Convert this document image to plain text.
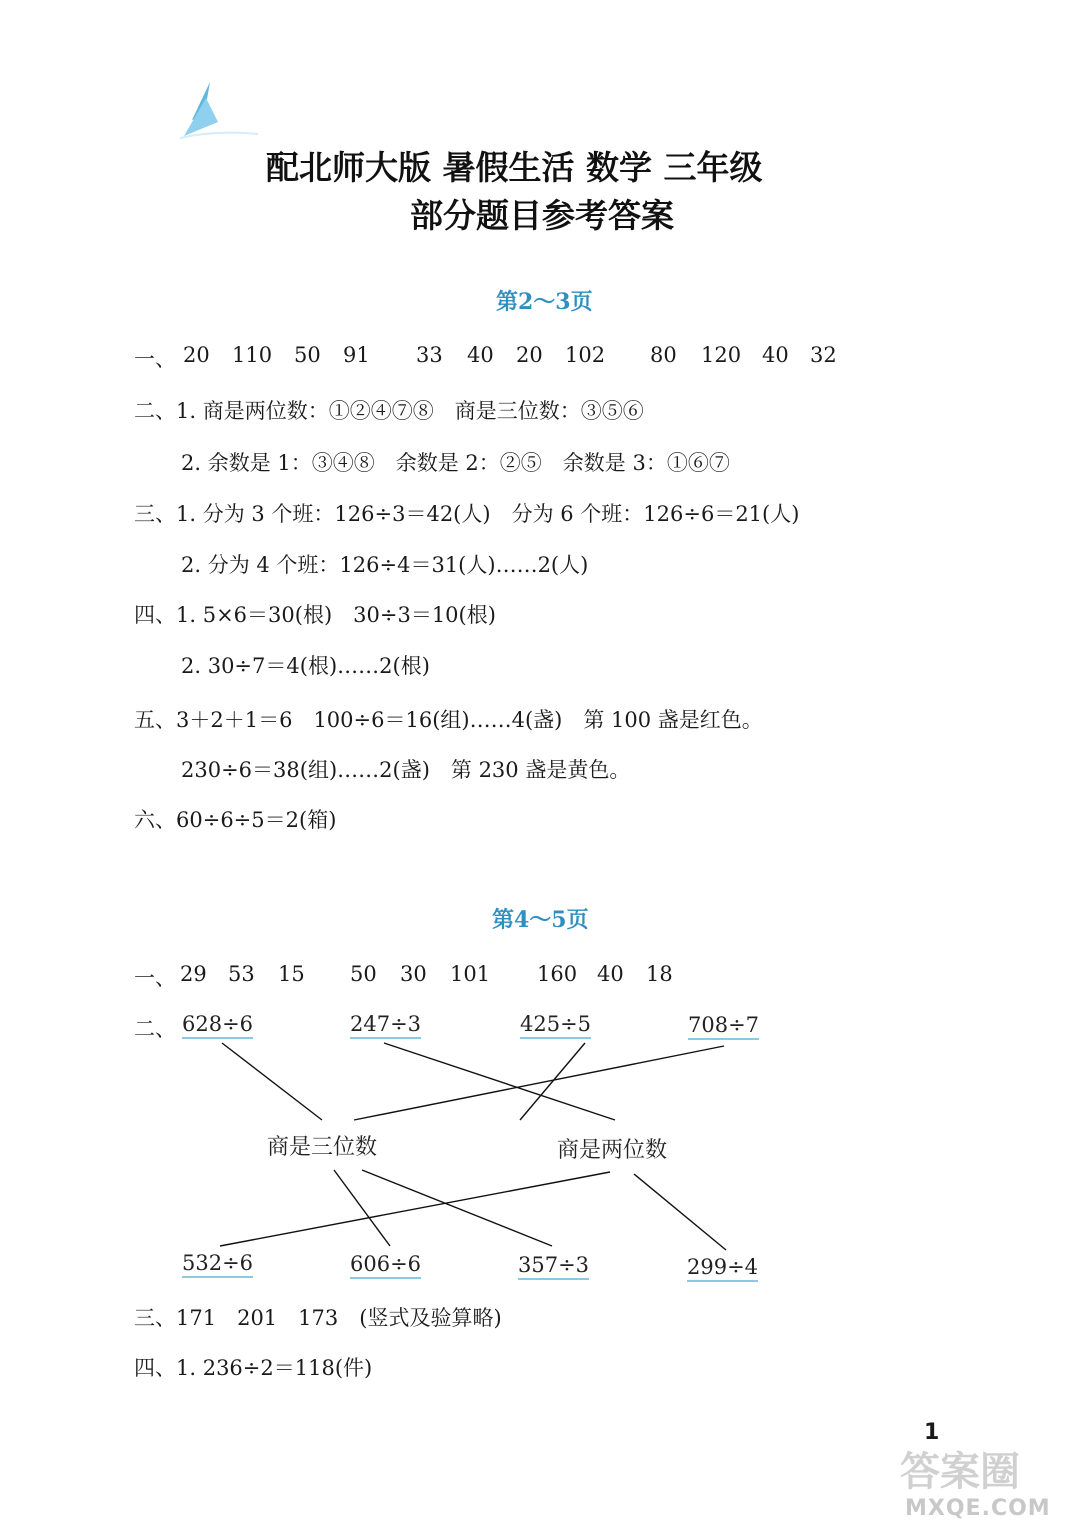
配北师大版 暑假生活 数学 三年级
部分题目参考答案
第2～3页
一、 20 110 50 91 33 40 20 102 80 120 40 32
二、1. 商是两位数：①②④⑦⑧　商是三位数：③⑤⑥
2. 余数是 1：③④⑧　余数是 2：②⑤　余数是 3：①⑥⑦
三、1. 分为 3 个班：126÷3＝42(人)　分为 6 个班：126÷6＝21(人)
2. 分为 4 个班：126÷4＝31(人)……2(人)
四、1. 5×6＝30(根)　30÷3＝10(根)
2. 30÷7＝4(根)……2(根)
五、3＋2＋1＝6　100÷6＝16(组)……4(盏)　第 100 盏是红色。
230÷6＝38(组)……2(盏)　第 230 盏是黄色。
六、60÷6÷5＝2(箱)
第4～5页
一、 29 53 15 50 30 101 160 40 18
二、 628÷6	247÷3	425÷5	708÷7
商是三位数	商是两位数
532÷6	606÷6	357÷3	299÷4
三、171　201　173　(竖式及验算略)
四、1. 236÷2＝118(件)
1
答案圈
MXQE.COM
